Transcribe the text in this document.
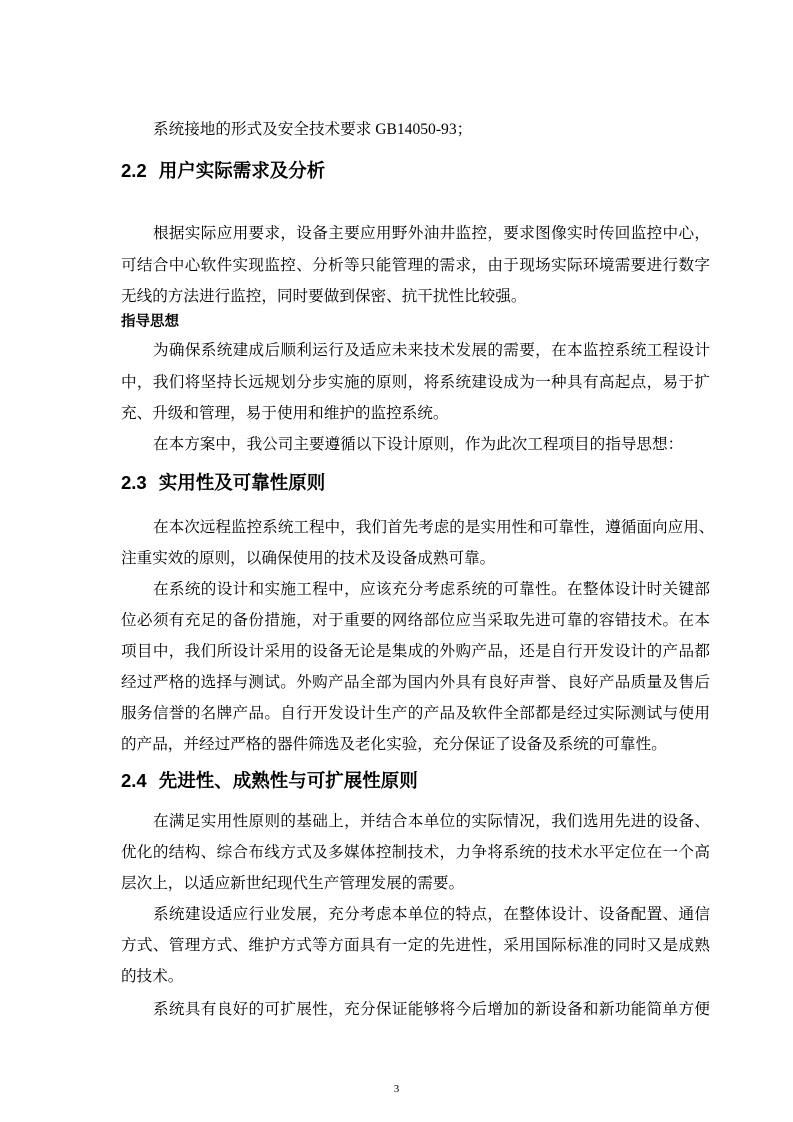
系统接地的形式及安全技术要求 GB14050-93；
2.2 用户实际需求及分析
根据实际应用要求，设备主要应用野外油井监控，要求图像实时传回监控中心，
可结合中心软件实现监控、分析等只能管理的需求，由于现场实际环境需要进行数字
无线的方法进行监控，同时要做到保密、抗干扰性比较强。
指导思想
为确保系统建成后顺利运行及适应未来技术发展的需要，在本监控系统工程设计
中，我们将坚持长远规划分步实施的原则，将系统建设成为一种具有高起点，易于扩
充、升级和管理，易于使用和维护的监控系统。
在本方案中，我公司主要遵循以下设计原则，作为此次工程项目的指导思想：
2.3 实用性及可靠性原则
在本次远程监控系统工程中，我们首先考虑的是实用性和可靠性，遵循面向应用、
注重实效的原则，以确保使用的技术及设备成熟可靠。
在系统的设计和实施工程中，应该充分考虑系统的可靠性。在整体设计时关键部
位必须有充足的备份措施，对于重要的网络部位应当采取先进可靠的容错技术。在本
项目中，我们所设计采用的设备无论是集成的外购产品，还是自行开发设计的产品都
经过严格的选择与测试。外购产品全部为国内外具有良好声誉、良好产品质量及售后
服务信誉的名牌产品。自行开发设计生产的产品及软件全部都是经过实际测试与使用
的产品，并经过严格的器件筛选及老化实验，充分保证了设备及系统的可靠性。
2.4 先进性、成熟性与可扩展性原则
在满足实用性原则的基础上，并结合本单位的实际情况，我们选用先进的设备、
优化的结构、综合布线方式及多媒体控制技术，力争将系统的技术水平定位在一个高
层次上，以适应新世纪现代生产管理发展的需要。
系统建设适应行业发展，充分考虑本单位的特点，在整体设计、设备配置、通信
方式、管理方式、维护方式等方面具有一定的先进性，采用国际标准的同时又是成熟
的技术。
系统具有良好的可扩展性，充分保证能够将今后增加的新设备和新功能简单方便
3
